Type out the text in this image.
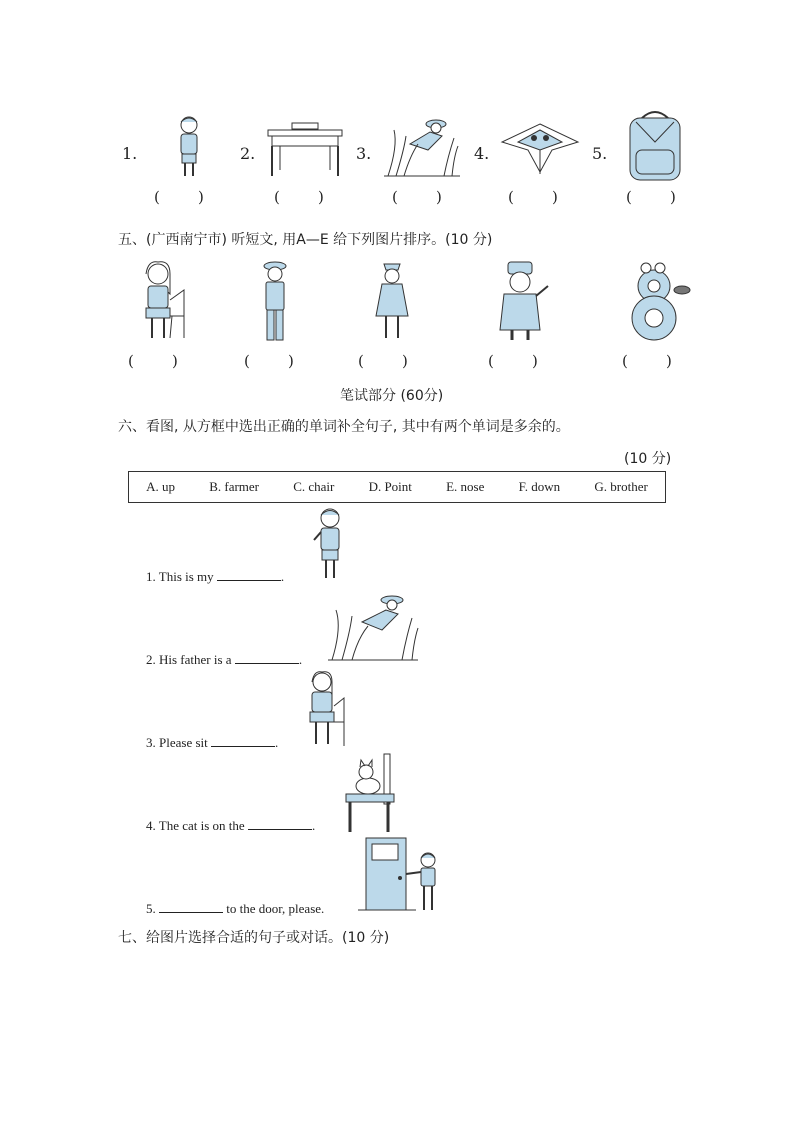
1.	2.	3.	4.	5.
(        )	(        )	(        )	(        )	(        )
五、(广西南宁市) 听短文, 用A—E 给下列图片排序。(10 分)
(        )	(        )	(        )	(        )	(        )
笔试部分 (60分)
六、看图, 从方框中选出正确的单词补全句子, 其中有两个单词是多余的。
(10 分)
A. up	B. farmer	C. chair	D. Point	E. nose	F. down	G. brother
1. This is my	.
2. His father is a	.
3. Please sit	.
4. The cat is on the	.
5.	to the door, please.
七、给图片选择合适的句子或对话。(10 分)
